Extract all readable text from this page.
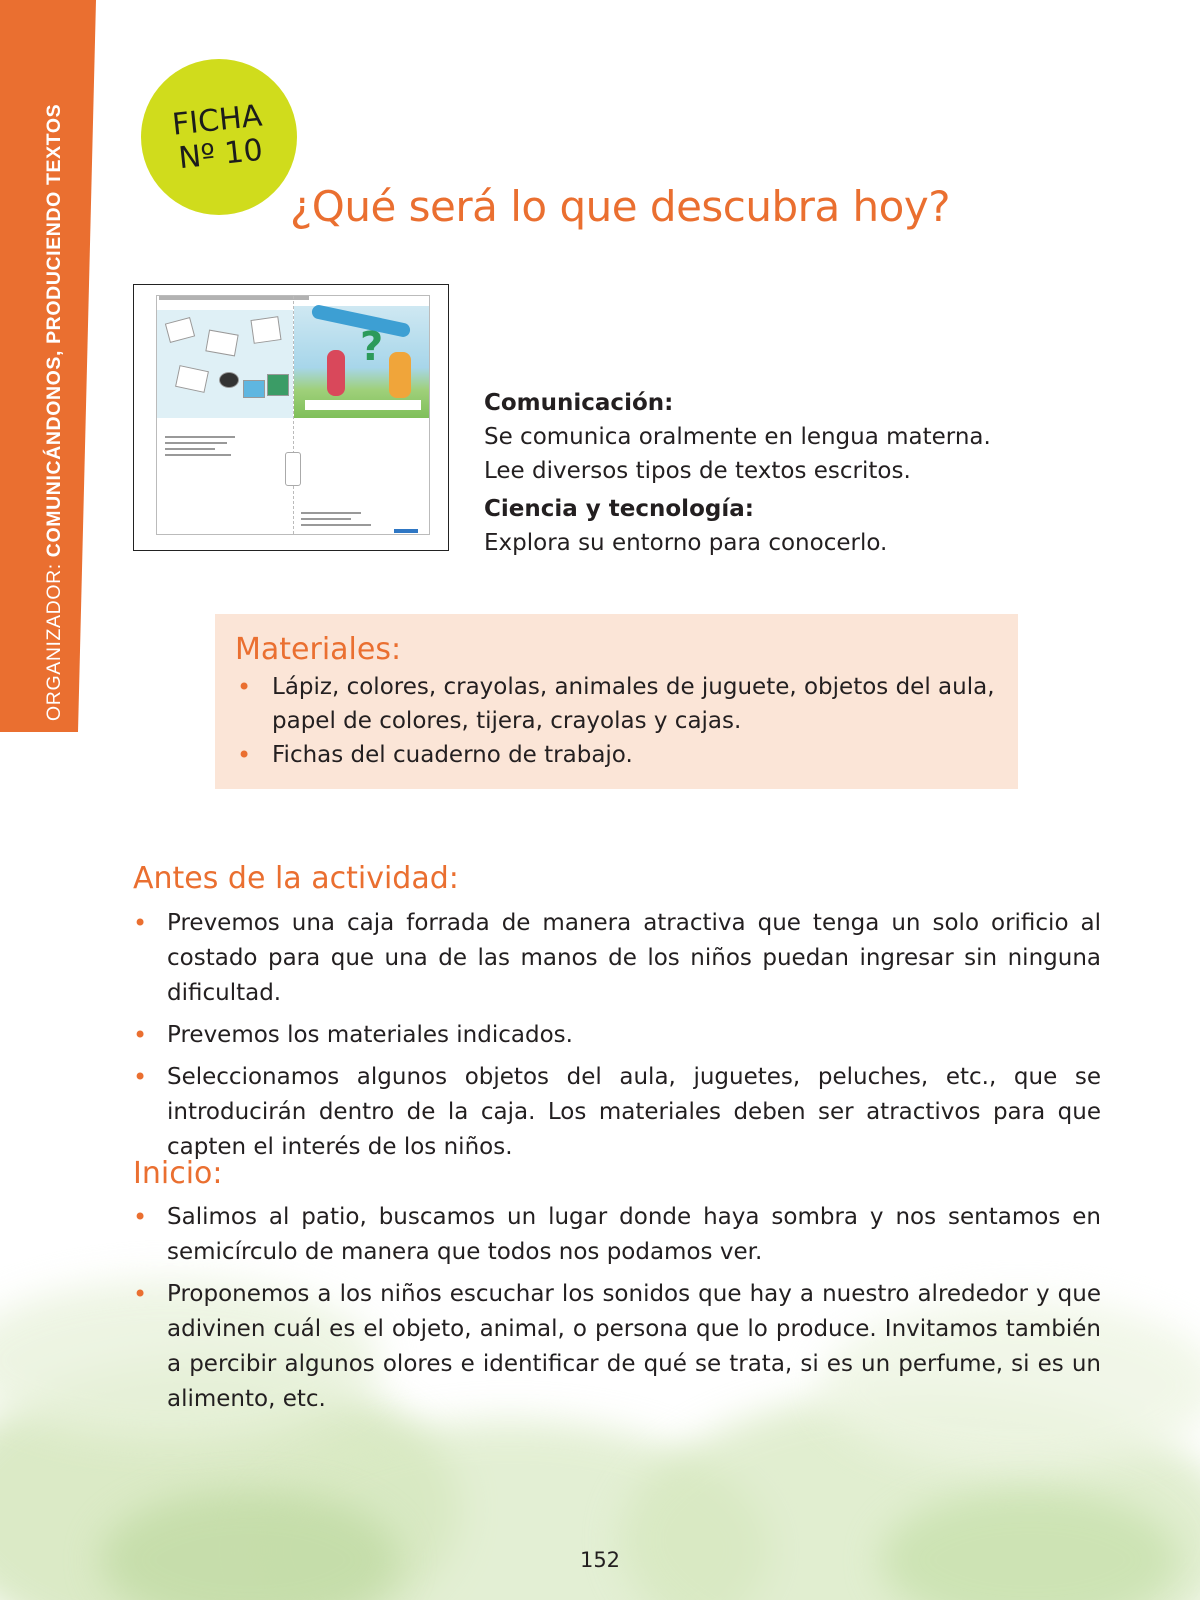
ORGANIZADOR: COMUNICÁNDONOS, PRODUCIENDO TEXTOS	FICHA
Nº 10
¿Qué será lo que descubra hoy?
?
Comunicación:
Se comunica oralmente en lengua materna.
Lee diversos tipos de textos escritos.
Ciencia y tecnología:
Explora su entorno para conocerlo.
Materiales:
• Lápiz, colores, crayolas, animales de juguete, objetos del aula, papel de colores, tijera, crayolas y cajas.
• Fichas del cuaderno de trabajo.
Antes de la actividad:
• Prevemos una caja forrada de manera atractiva que tenga un solo orificio al costado para que una de las manos de los niños puedan ingresar sin ninguna dificultad.
• Prevemos los materiales indicados.
• Seleccionamos algunos objetos del aula, juguetes, peluches, etc., que se introducirán dentro de la caja. Los materiales deben ser atractivos para que capten el interés de los niños.
Inicio:
• Salimos al patio, buscamos un lugar donde haya sombra y nos sentamos en semicírculo de manera que todos nos podamos ver.
• Proponemos a los niños escuchar los sonidos que hay a nuestro alrededor y que adivinen cuál es el objeto, animal, o persona que lo produce. Invitamos también a percibir algunos olores e identificar de qué se trata, si es un perfume, si es un alimento, etc.
152
